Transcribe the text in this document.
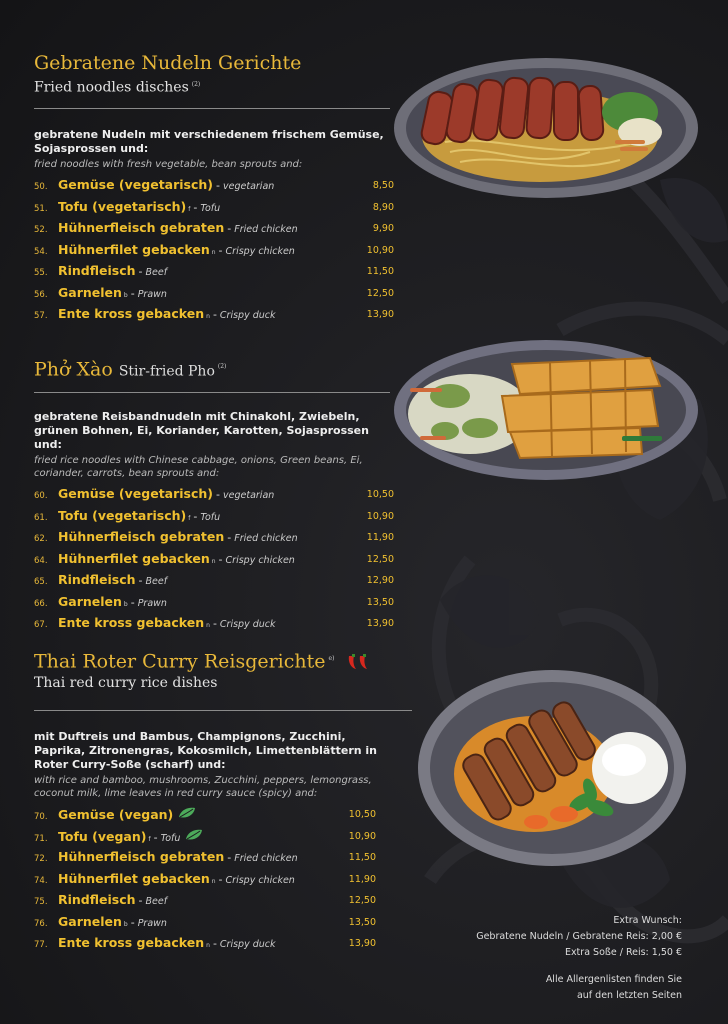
Gebratene Nudeln Gerichte
Fried noodles disches $^{(2)}$
gebratene Nudeln mit verschiedenem frischem Gemüse, Sojasprossen und:
fried noodles with fresh vegetable, bean sprouts and:
50. Gemüse (vegetarisch) - vegetarian	8,50
51. Tofu (vegetarisch) f - Tofu	8,90
52. Hühnerfleisch gebraten - Fried chicken	9,90
54. Hühnerfilet gebacken n - Crispy chicken	10,90
55. Rindfleisch - Beef	11,50
56. Garnelen b - Prawn	12,50
57. Ente kross gebacken n - Crispy duck	13,90
Phở Xào Stir-fried Pho $^{(2)}$
gebratene Reisbandnudeln mit Chinakohl, Zwiebeln, grünen Bohnen, Ei, Koriander, Karotten, Sojasprossen und:
fried rice noodles with Chinese cabbage, onions, Green beans, Ei, coriander, carrots, bean sprouts and:
60. Gemüse (vegetarisch) - vegetarian	10,50
61. Tofu (vegetarisch) f - Tofu	10,90
62. Hühnerfleisch gebraten - Fried chicken	11,90
64. Hühnerfilet gebacken n - Crispy chicken	12,50
65. Rindfleisch - Beef	12,90
66. Garnelen b - Prawn	13,50
67. Ente kross gebacken n - Crispy duck	13,90
Thai Roter Curry Reisgerichte $^{e)}$
Thai red curry rice dishes
mit Duftreis und Bambus, Champignons, Zucchini, Paprika, Zitronengras, Kokosmilch, Limettenblättern in Roter Curry-Soße (scharf) und:
with rice and bamboo, mushrooms, Zucchini, peppers, lemongrass, coconut milk, lime leaves in red curry sauce (spicy) and:
70. Gemüse (vegan)	10,50
71. Tofu (vegan) f - Tofu	10,90
72. Hühnerfleisch gebraten - Fried chicken	11,50
74. Hühnerfilet gebacken n - Crispy chicken	11,90
75. Rindfleisch - Beef	12,50
76. Garnelen b - Prawn	13,50
77. Ente kross gebacken n - Crispy duck	13,90
Extra Wunsch:
Gebratene Nudeln / Gebratene Reis: 2,00 €
Extra Soße / Reis: 1,50 €
Alle Allergenlisten finden Sie
auf den letzten Seiten
